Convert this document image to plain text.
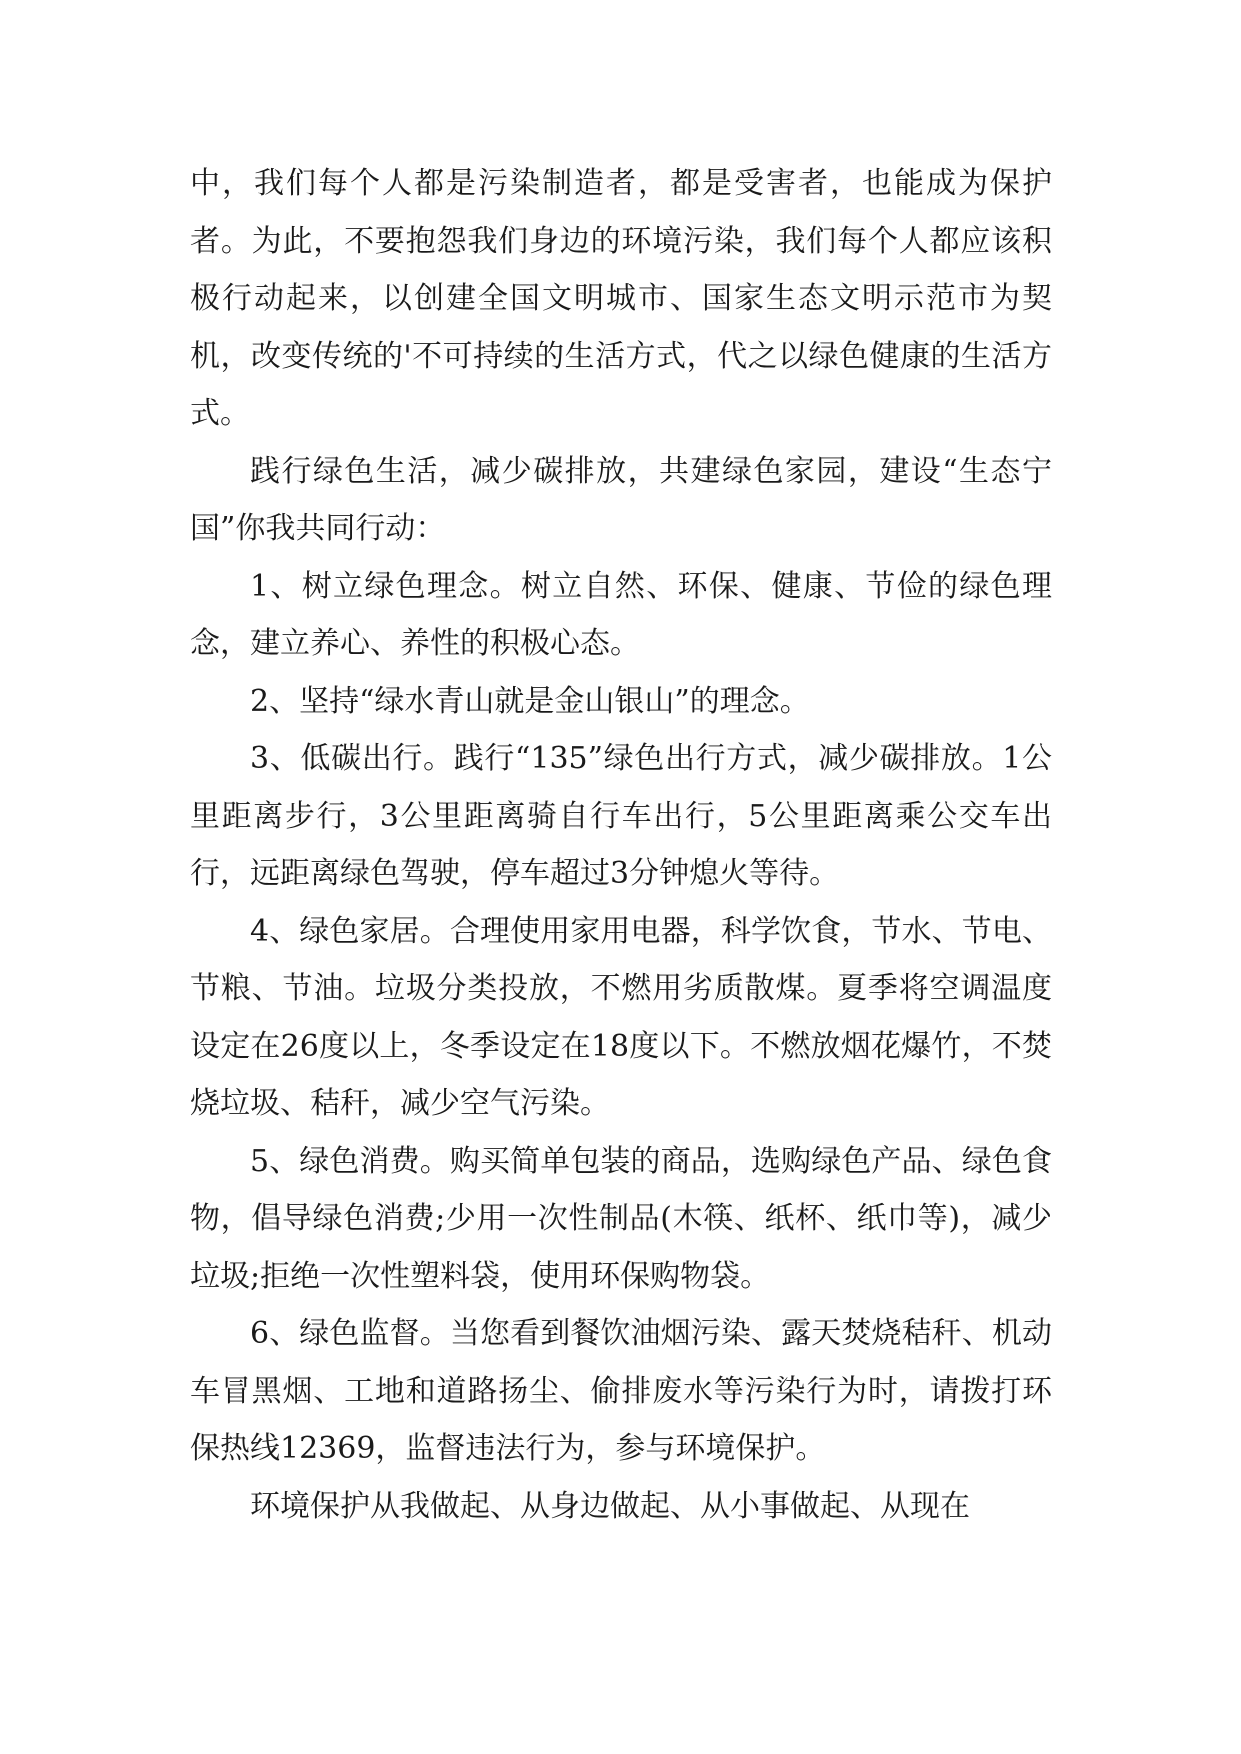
中，我们每个人都是污染制造者，都是受害者，也能成为保护者。为此，不要抱怨我们身边的环境污染，我们每个人都应该积极行动起来，以创建全国文明城市、国家生态文明示范市为契机，改变传统的'不可持续的生活方式，代之以绿色健康的生活方式。

践行绿色生活，减少碳排放，共建绿色家园，建设“生态宁国”你我共同行动：

1、树立绿色理念。树立自然、环保、健康、节俭的绿色理念，建立养心、养性的积极心态。

2、坚持“绿水青山就是金山银山”的理念。

3、低碳出行。践行“135”绿色出行方式，减少碳排放。1公里距离步行，3公里距离骑自行车出行，5公里距离乘公交车出行，远距离绿色驾驶，停车超过3分钟熄火等待。

4、绿色家居。合理使用家用电器，科学饮食，节水、节电、节粮、节油。垃圾分类投放，不燃用劣质散煤。夏季将空调温度设定在26度以上，冬季设定在18度以下。不燃放烟花爆竹，不焚烧垃圾、秸秆，减少空气污染。

5、绿色消费。购买简单包装的商品，选购绿色产品、绿色食物，倡导绿色消费;少用一次性制品(木筷、纸杯、纸巾等)，减少垃圾;拒绝一次性塑料袋，使用环保购物袋。

6、绿色监督。当您看到餐饮油烟污染、露天焚烧秸秆、机动车冒黑烟、工地和道路扬尘、偷排废水等污染行为时，请拨打环保热线12369，监督违法行为，参与环境保护。

环境保护从我做起、从身边做起、从小事做起、从现在
